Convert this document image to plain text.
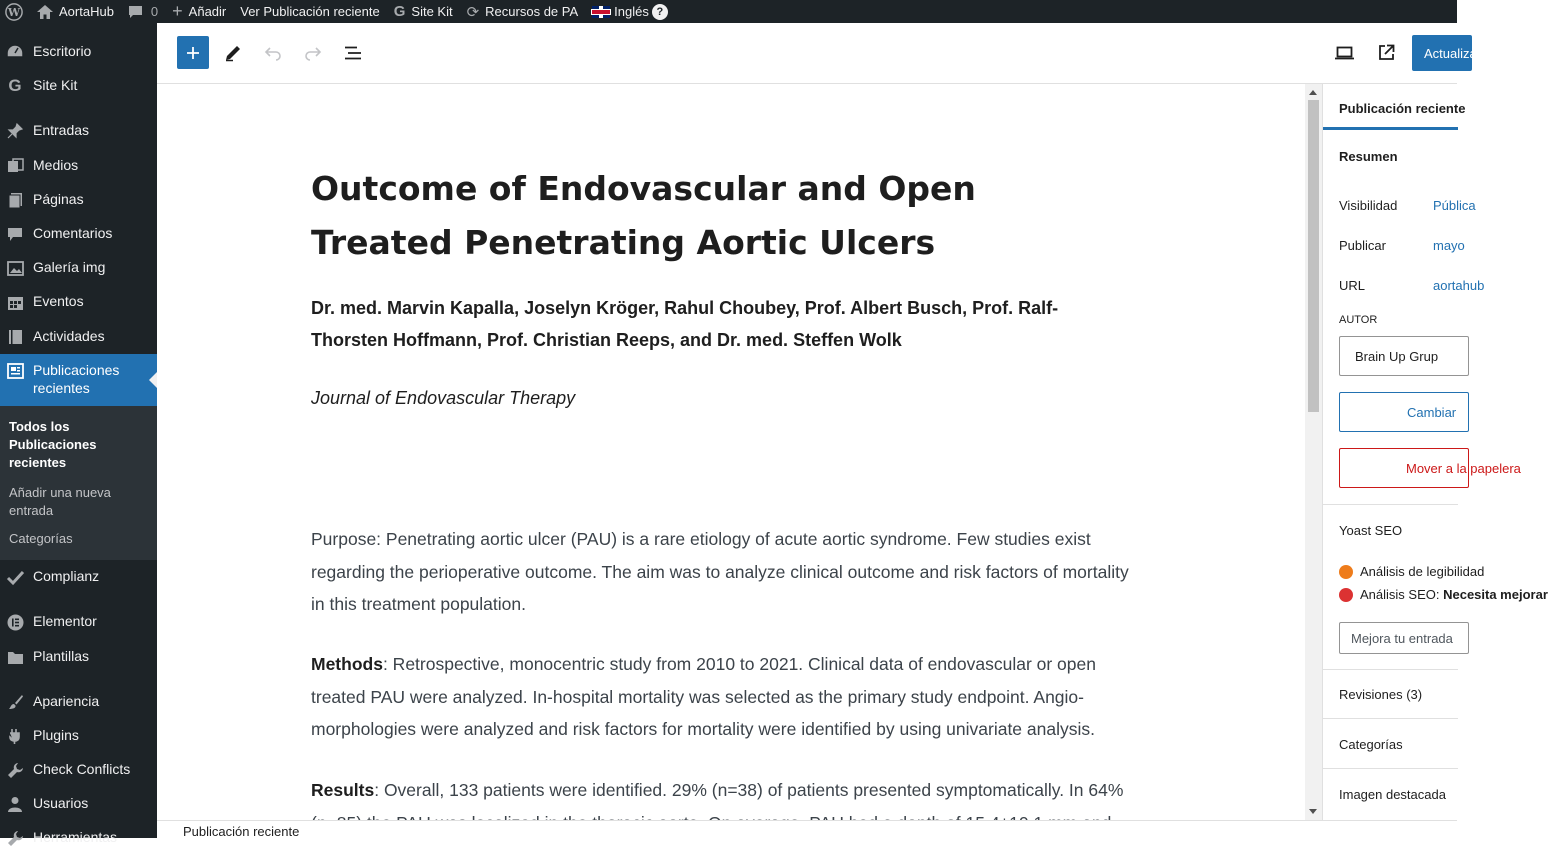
W	AortaHub	0 + Añadir Ver Publicación reciente G Site Kit ⟳ Recursos de PA	Inglés ?
Escritorio
G Site Kit
Entradas
Medios
Páginas
Comentarios
Galería img
Eventos
Actividades
Publicaciones recientes
Todos los Publicaciones recientes
Añadir una nueva entrada
Categorías
Complianz
Elementor
Plantillas
Apariencia
Plugins
Check Conflicts
Usuarios
Herramientas
Actualizar
Outcome of Endovascular and Open Treated Penetrating Aortic Ulcers

Dr. med. Marvin Kapalla, Joselyn Kröger, Rahul Choubey, Prof. Albert Busch, Prof. Ralf-Thorsten Hoffmann, Prof. Christian Reeps, and Dr. med. Steffen Wolk

Journal of Endovascular Therapy

Purpose: Penetrating aortic ulcer (PAU) is a rare etiology of acute aortic syndrome. Few studies exist regarding the perioperative outcome. The aim was to analyze clinical outcome and risk factors of mortality in this treatment population.

Methods: Retrospective, monocentric study from 2010 to 2021. Clinical data of endovascular or open treated PAU were analyzed. In-hospital mortality was selected as the primary study endpoint. Angio-morphologies were analyzed and risk factors for mortality were identified by using univariate analysis.

Results: Overall, 133 patients were identified. 29% (n=38) of patients presented symptomatically. In 64%

Publicación reciente
Resumen
Visibilidad	Pública
Publicar	mayo
URL	aortahub
AUTOR
Brain Up Grup
Cambiar
Mover a la papelera
Yoast SEO
Análisis de legibilidad
Análisis SEO: Necesita mejorar
Mejora tu entrada
Revisiones (3)
Categorías
Imagen destacada
Publicación reciente
